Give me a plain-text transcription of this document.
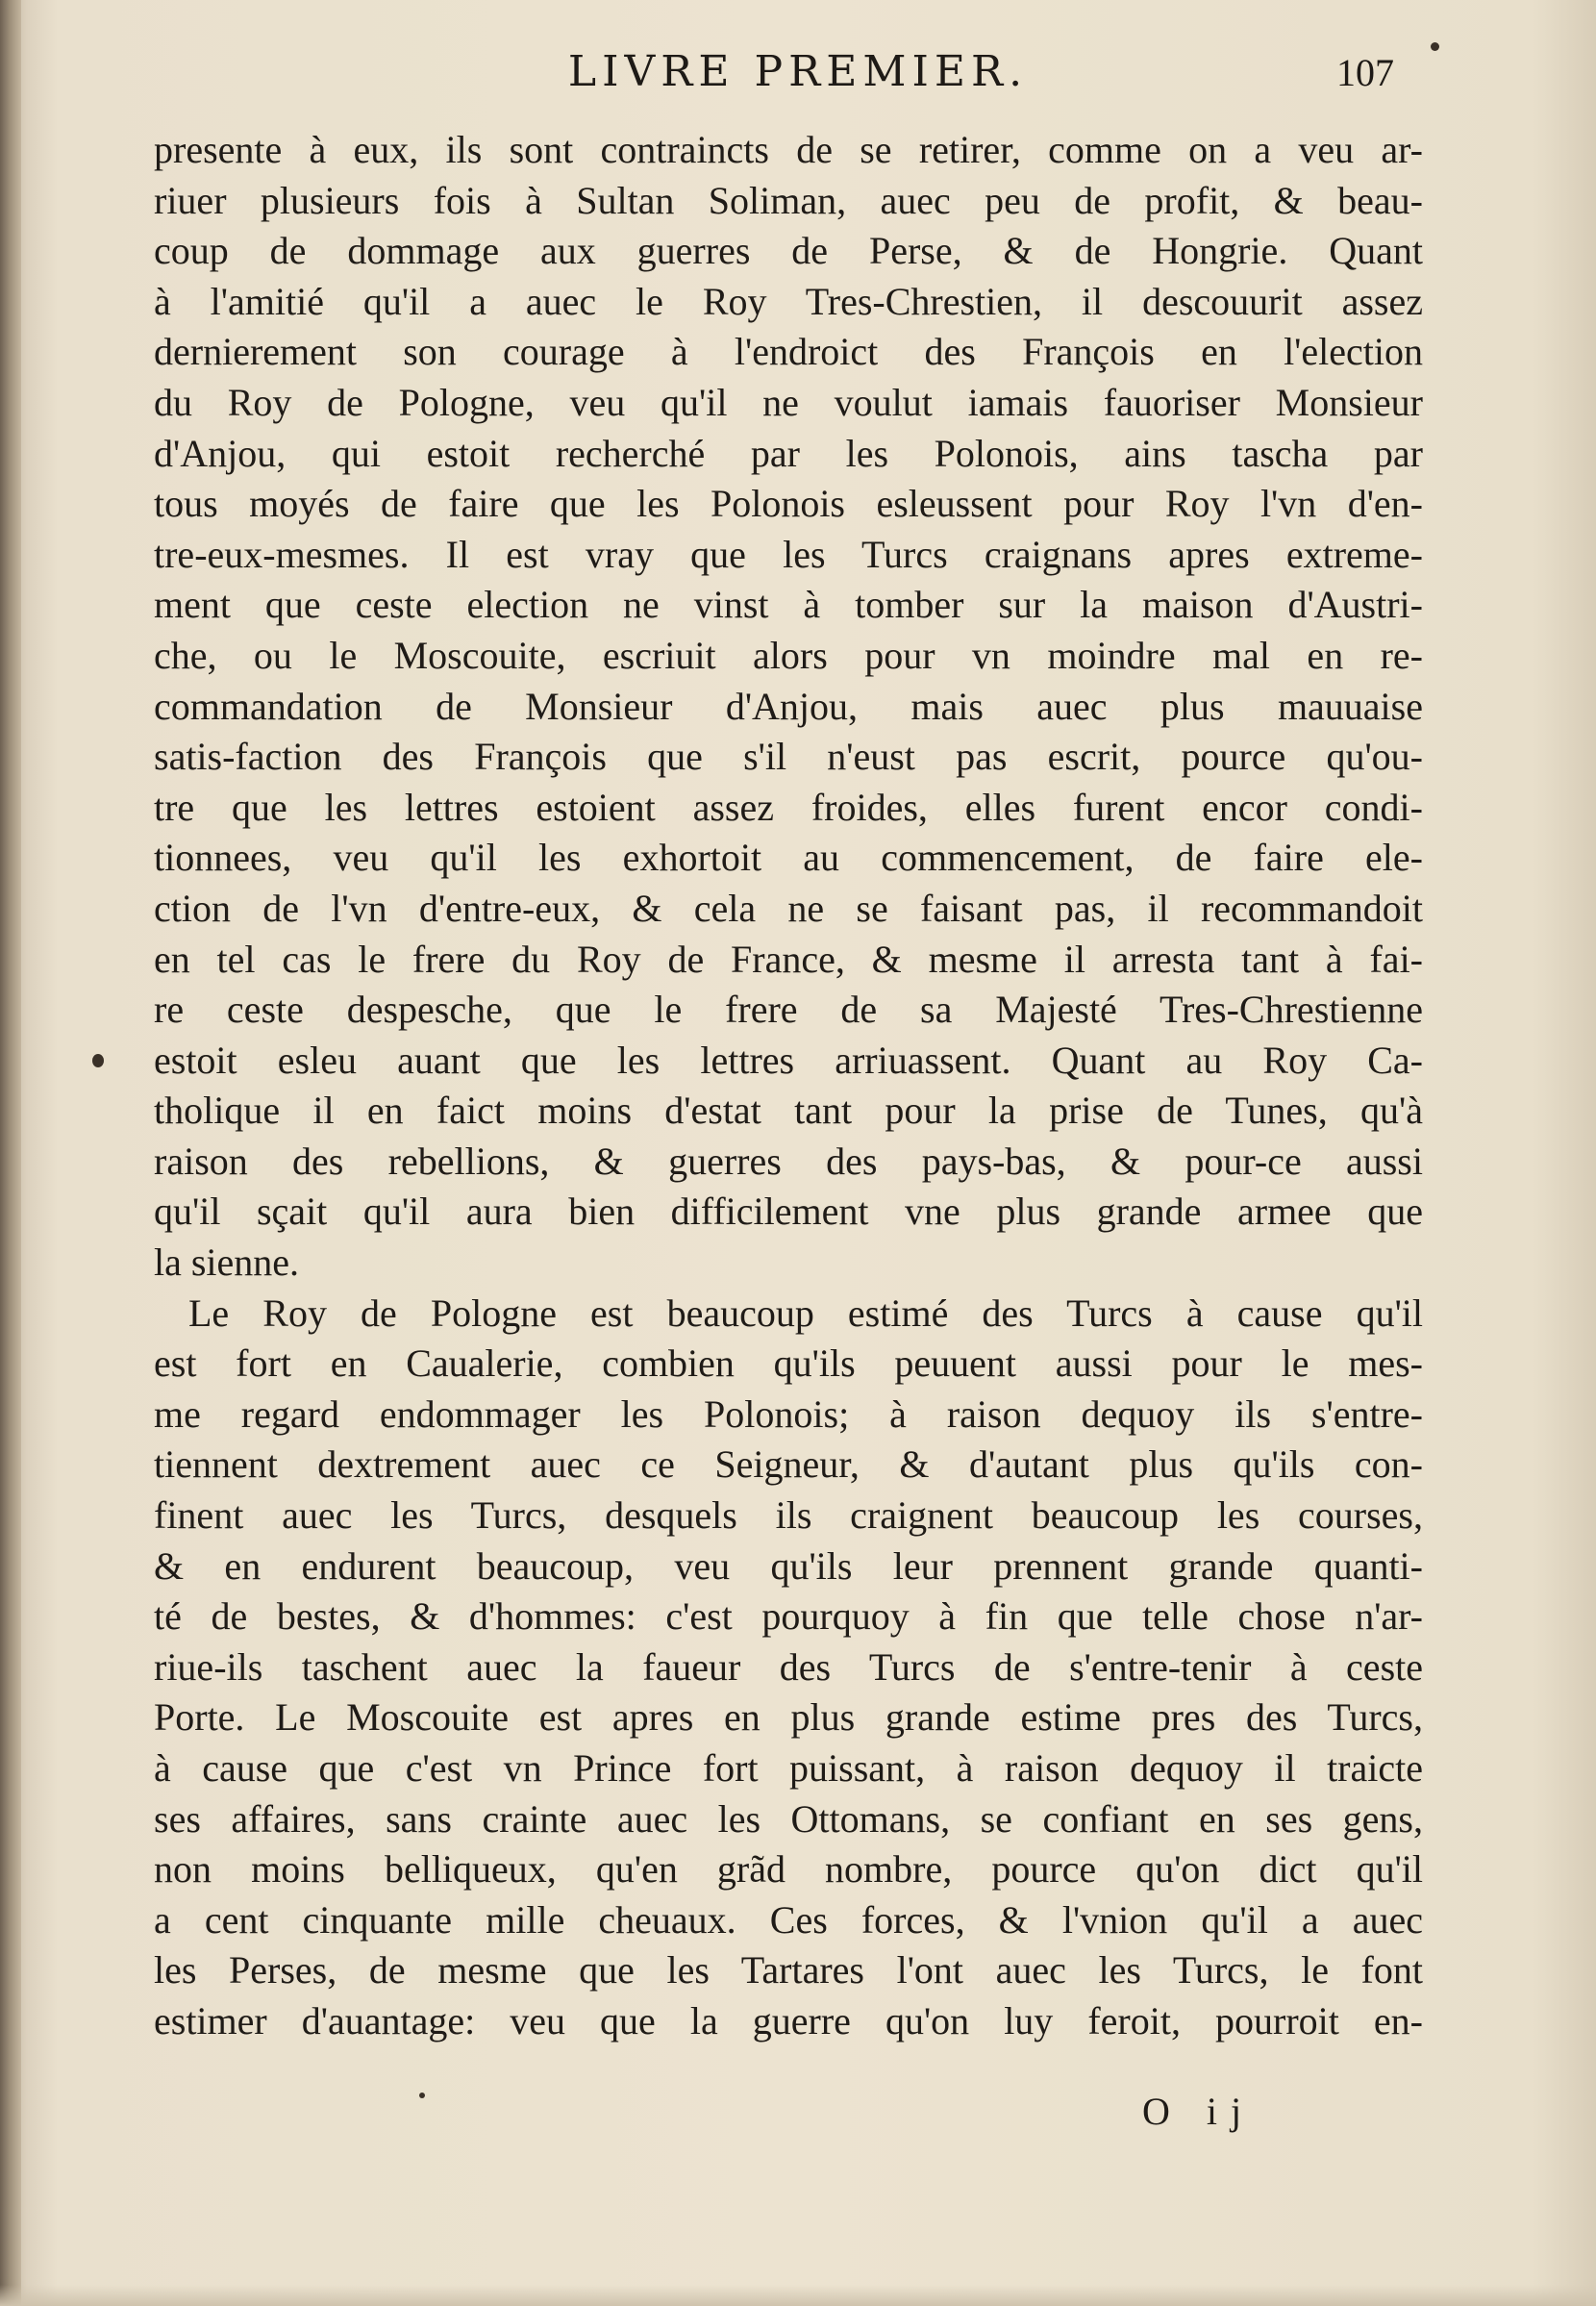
LIVRE PREMIER.	107
presente à eux, ils sont contraincts de se retirer, comme on a veu ar-
riuer plusieurs fois à Sultan Soliman, auec peu de profit, & beau-
coup de dommage aux guerres de Perse, & de Hongrie. Quant
à l'amitié qu'il a auec le Roy Tres-Chrestien, il descouurit assez
dernierement son courage à l'endroict des François en l'election
du Roy de Pologne, veu qu'il ne voulut iamais fauoriser Monsieur
d'Anjou, qui estoit recherché par les Polonois, ains tascha par
tous moyés de faire que les Polonois esleussent pour Roy l'vn d'en-
tre-eux-mesmes. Il est vray que les Turcs craignans apres extreme-
ment que ceste election ne vinst à tomber sur la maison d'Austri-
che, ou le Moscouite, escriuit alors pour vn moindre mal en re-
commandation de Monsieur d'Anjou, mais auec plus mauuaise
satis-faction des François que s'il n'eust pas escrit, pource qu'ou-
tre que les lettres estoient assez froides, elles furent encor condi-
tionnees, veu qu'il les exhortoit au commencement, de faire ele-
ction de l'vn d'entre-eux, & cela ne se faisant pas, il recommandoit
en tel cas le frere du Roy de France, & mesme il arresta tant à fai-
re ceste despesche, que le frere de sa Majesté Tres-Chrestienne
estoit esleu auant que les lettres arriuassent. Quant au Roy Ca-
tholique il en faict moins d'estat tant pour la prise de Tunes, qu'à
raison des rebellions, & guerres des pays-bas, & pour-ce aussi
qu'il sçait qu'il aura bien difficilement vne plus grande armee que
la sienne.
Le Roy de Pologne est beaucoup estimé des Turcs à cause qu'il
est fort en Caualerie, combien qu'ils peuuent aussi pour le mes-
me regard endommager les Polonois; à raison dequoy ils s'entre-
tiennent dextrement auec ce Seigneur, & d'autant plus qu'ils con-
finent auec les Turcs, desquels ils craignent beaucoup les courses,
& en endurent beaucoup, veu qu'ils leur prennent grande quanti-
té de bestes, & d'hommes: c'est pourquoy à fin que telle chose n'ar-
riue-ils taschent auec la faueur des Turcs de s'entre-tenir à ceste
Porte. Le Moscouite est apres en plus grande estime pres des Turcs,
à cause que c'est vn Prince fort puissant, à raison dequoy il traicte
ses affaires, sans crainte auec les Ottomans, se confiant en ses gens,
non moins belliqueux, qu'en grãd nombre, pource qu'on dict qu'il
a cent cinquante mille cheuaux. Ces forces, & l'vnion qu'il a auec
les Perses, de mesme que les Tartares l'ont auec les Turcs, le font
estimer d'auantage: veu que la guerre qu'on luy feroit, pourroit en-
O ij
